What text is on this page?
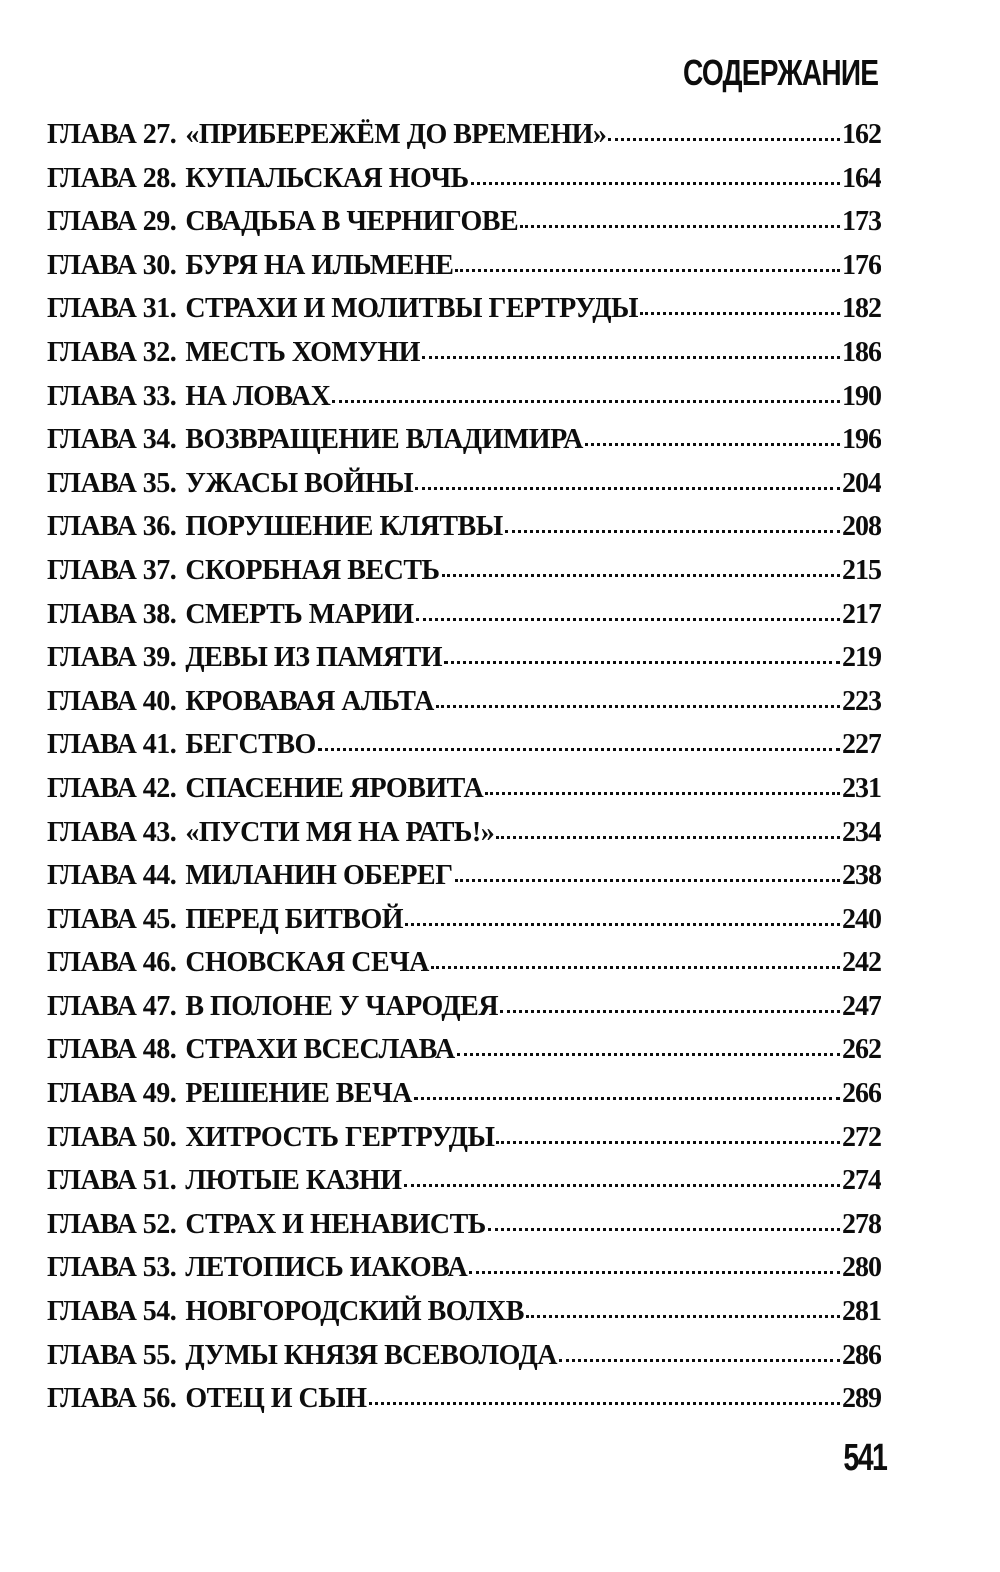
СОДЕРЖАНИЕ
ГЛАВА 27. «ПРИБЕРЕЖЁМ ДО ВРЕМЕНИ»	162
ГЛАВА 28. КУПАЛЬСКАЯ НОЧЬ	164
ГЛАВА 29. СВАДЬБА В ЧЕРНИГОВЕ	173
ГЛАВА 30. БУРЯ НА ИЛЬМЕНЕ	176
ГЛАВА 31. СТРАХИ И МОЛИТВЫ ГЕРТРУДЫ	182
ГЛАВА 32. МЕСТЬ ХОМУНИ	186
ГЛАВА 33. НА ЛОВАХ	190
ГЛАВА 34. ВОЗВРАЩЕНИЕ ВЛАДИМИРА	196
ГЛАВА 35. УЖАСЫ ВОЙНЫ	204
ГЛАВА 36. ПОРУШЕНИЕ КЛЯТВЫ	208
ГЛАВА 37. СКОРБНАЯ ВЕСТЬ	215
ГЛАВА 38. СМЕРТЬ МАРИИ	217
ГЛАВА 39. ДЕВЫ ИЗ ПАМЯТИ	219
ГЛАВА 40. КРОВАВАЯ АЛЬТА	223
ГЛАВА 41. БЕГСТВО	227
ГЛАВА 42. СПАСЕНИЕ ЯРОВИТА	231
ГЛАВА 43. «ПУСТИ МЯ НА РАТЬ!»	234
ГЛАВА 44. МИЛАНИН ОБЕРЕГ	238
ГЛАВА 45. ПЕРЕД БИТВОЙ	240
ГЛАВА 46. СНОВСКАЯ СЕЧА	242
ГЛАВА 47. В ПОЛОНЕ У ЧАРОДЕЯ	247
ГЛАВА 48. СТРАХИ ВСЕСЛАВА	262
ГЛАВА 49. РЕШЕНИЕ ВЕЧА	266
ГЛАВА 50. ХИТРОСТЬ ГЕРТРУДЫ	272
ГЛАВА 51. ЛЮТЫЕ КАЗНИ	274
ГЛАВА 52. СТРАХ И НЕНАВИСТЬ	278
ГЛАВА 53. ЛЕТОПИСЬ ИАКОВА	280
ГЛАВА 54. НОВГОРОДСКИЙ ВОЛХВ	281
ГЛАВА 55. ДУМЫ КНЯЗЯ ВСЕВОЛОДА	286
ГЛАВА 56. ОТЕЦ И СЫН	289
541
